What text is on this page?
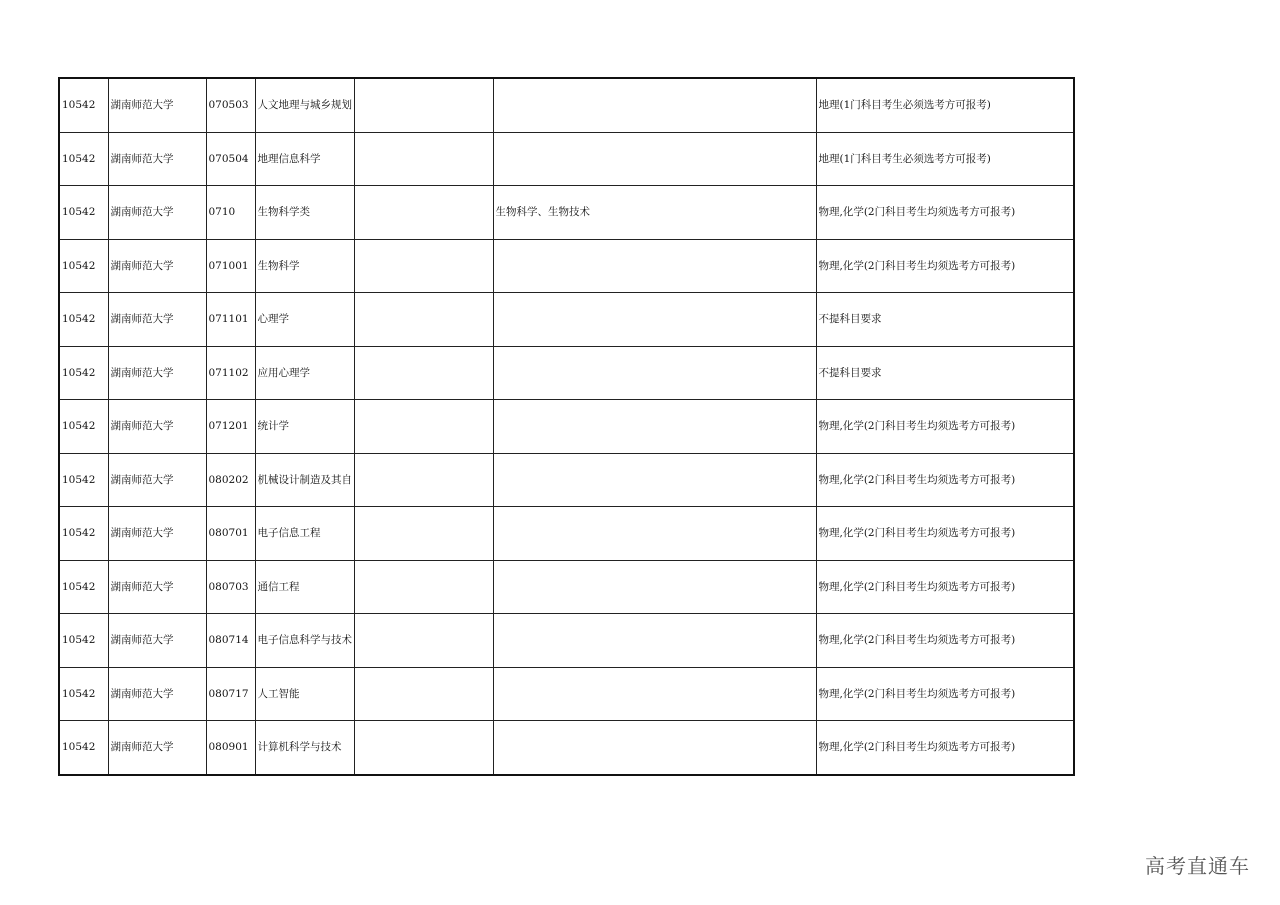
10542	湖南师范大学	070503	人文地理与城乡规划			地理(1门科目考生必须选考方可报考)
10542	湖南师范大学	070504	地理信息科学			地理(1门科目考生必须选考方可报考)
10542	湖南师范大学	0710	生物科学类		生物科学、生物技术	物理,化学(2门科目考生均须选考方可报考)
10542	湖南师范大学	071001	生物科学			物理,化学(2门科目考生均须选考方可报考)
10542	湖南师范大学	071101	心理学			不提科目要求
10542	湖南师范大学	071102	应用心理学			不提科目要求
10542	湖南师范大学	071201	统计学			物理,化学(2门科目考生均须选考方可报考)
10542	湖南师范大学	080202	机械设计制造及其自			物理,化学(2门科目考生均须选考方可报考)
10542	湖南师范大学	080701	电子信息工程			物理,化学(2门科目考生均须选考方可报考)
10542	湖南师范大学	080703	通信工程			物理,化学(2门科目考生均须选考方可报考)
10542	湖南师范大学	080714	电子信息科学与技术			物理,化学(2门科目考生均须选考方可报考)
10542	湖南师范大学	080717	人工智能			物理,化学(2门科目考生均须选考方可报考)
10542	湖南师范大学	080901	计算机科学与技术			物理,化学(2门科目考生均须选考方可报考)
高考直通车
